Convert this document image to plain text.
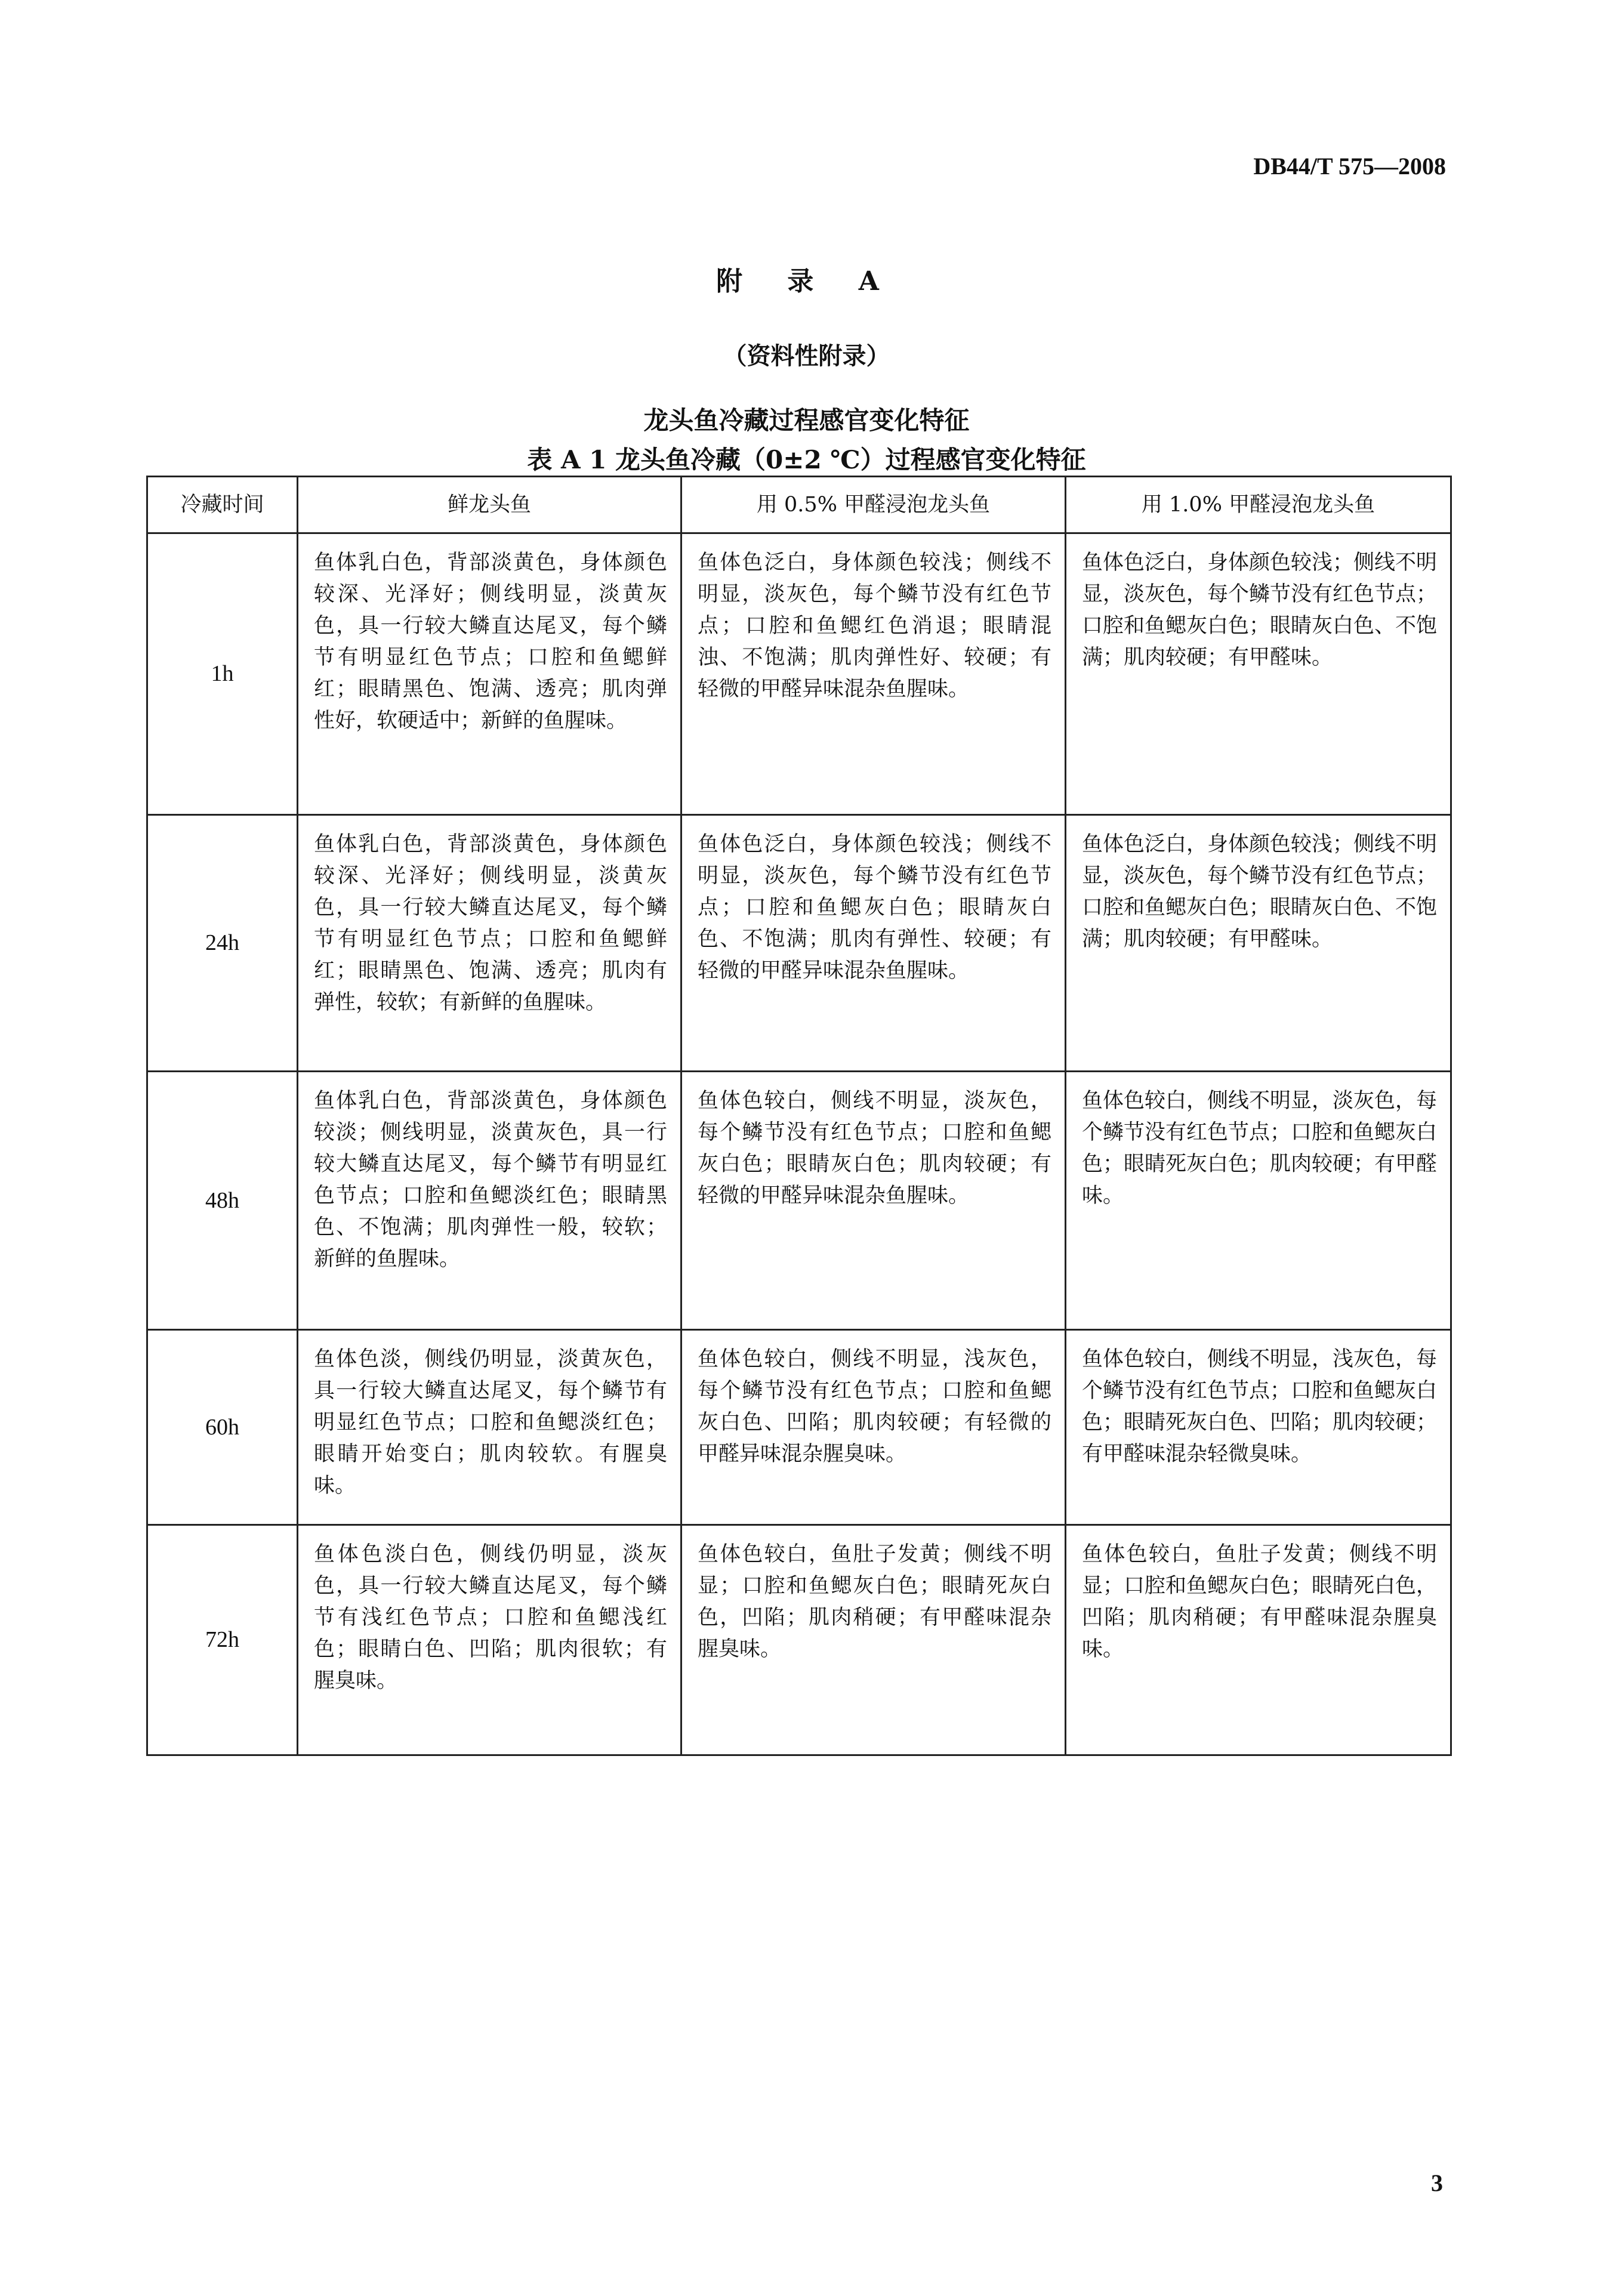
DB44/T 575—2008
附 录 A
（资料性附录）
龙头鱼冷藏过程感官变化特征
表 A 1 龙头鱼冷藏（0±2 ℃）过程感官变化特征
冷藏时间	鲜龙头鱼	用 0.5% 甲醛浸泡龙头鱼	用 1.0% 甲醛浸泡龙头鱼
1h	鱼体乳白色，背部淡黄色，身体颜色较深、光泽好；侧线明显，淡黄灰色，具一行较大鳞直达尾叉，每个鳞节有明显红色节点；口腔和鱼鳃鲜红；眼睛黑色、饱满、透亮；肌肉弹性好，软硬适中；新鲜的鱼腥味。	鱼体色泛白，身体颜色较浅；侧线不明显，淡灰色，每个鳞节没有红色节点；口腔和鱼鳃红色消退；眼睛混浊、不饱满；肌肉弹性好、较硬；有轻微的甲醛异味混杂鱼腥味。	鱼体色泛白，身体颜色较浅；侧线不明显，淡灰色，每个鳞节没有红色节点；口腔和鱼鳃灰白色；眼睛灰白色、不饱满；肌肉较硬；有甲醛味。
24h	鱼体乳白色，背部淡黄色，身体颜色较深、光泽好；侧线明显，淡黄灰色，具一行较大鳞直达尾叉，每个鳞节有明显红色节点；口腔和鱼鳃鲜红；眼睛黑色、饱满、透亮；肌肉有弹性，较软；有新鲜的鱼腥味。	鱼体色泛白，身体颜色较浅；侧线不明显，淡灰色，每个鳞节没有红色节点；口腔和鱼鳃灰白色；眼睛灰白色、不饱满；肌肉有弹性、较硬；有轻微的甲醛异味混杂鱼腥味。	鱼体色泛白，身体颜色较浅；侧线不明显，淡灰色，每个鳞节没有红色节点；口腔和鱼鳃灰白色；眼睛灰白色、不饱满；肌肉较硬；有甲醛味。
48h	鱼体乳白色，背部淡黄色，身体颜色较淡；侧线明显，淡黄灰色，具一行较大鳞直达尾叉，每个鳞节有明显红色节点；口腔和鱼鳃淡红色；眼睛黑色、不饱满；肌肉弹性一般，较软；新鲜的鱼腥味。	鱼体色较白，侧线不明显，淡灰色，每个鳞节没有红色节点；口腔和鱼鳃灰白色；眼睛灰白色；肌肉较硬；有轻微的甲醛异味混杂鱼腥味。	鱼体色较白，侧线不明显，淡灰色，每个鳞节没有红色节点；口腔和鱼鳃灰白色；眼睛死灰白色；肌肉较硬；有甲醛味。
60h	鱼体色淡，侧线仍明显，淡黄灰色，具一行较大鳞直达尾叉，每个鳞节有明显红色节点；口腔和鱼鳃淡红色；眼睛开始变白；肌肉较软。有腥臭味。	鱼体色较白，侧线不明显，浅灰色，每个鳞节没有红色节点；口腔和鱼鳃灰白色、凹陷；肌肉较硬；有轻微的甲醛异味混杂腥臭味。	鱼体色较白，侧线不明显，浅灰色，每个鳞节没有红色节点；口腔和鱼鳃灰白色；眼睛死灰白色、凹陷；肌肉较硬；有甲醛味混杂轻微臭味。
72h	鱼体色淡白色，侧线仍明显，淡灰色，具一行较大鳞直达尾叉，每个鳞节有浅红色节点；口腔和鱼鳃浅红色；眼睛白色、凹陷；肌肉很软；有腥臭味。	鱼体色较白，鱼肚子发黄；侧线不明显；口腔和鱼鳃灰白色；眼睛死灰白色，凹陷；肌肉稍硬；有甲醛味混杂腥臭味。	鱼体色较白，鱼肚子发黄；侧线不明显；口腔和鱼鳃灰白色；眼睛死白色，凹陷；肌肉稍硬；有甲醛味混杂腥臭味。
3
